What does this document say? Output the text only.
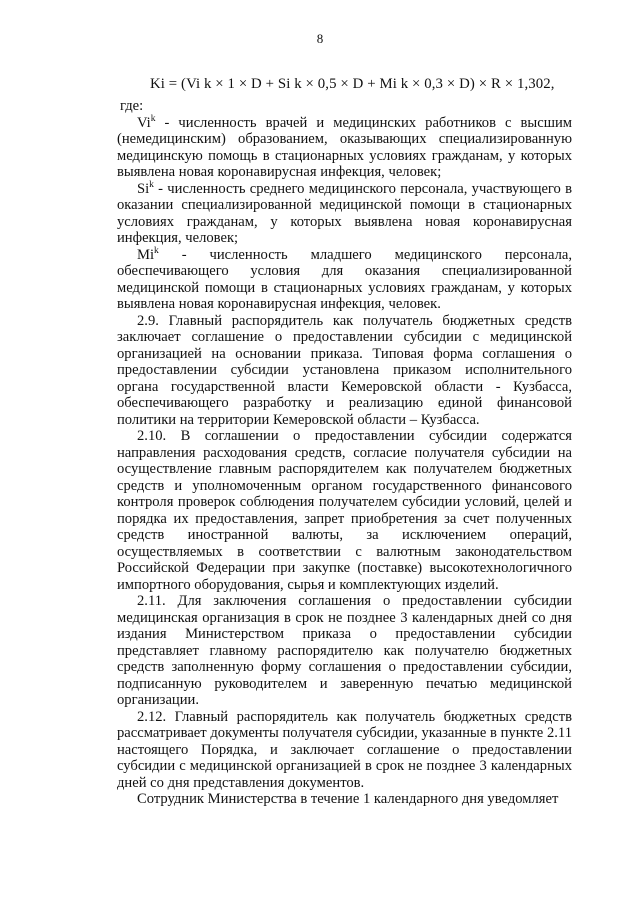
8
Ki = (Vi k × 1 × D + Si k × 0,5 × D + Mi k × 0,3 × D) × R × 1,302,

где:

Vi$^k$ - численность врачей и медицинских работников с высшим (немедицинским) образованием, оказывающих специализированную медицинскую помощь в стационарных условиях гражданам, у которых выявлена новая коронавирусная инфекция, человек;

Si$^k$ - численность среднего медицинского персонала, участвующего в оказании специализированной медицинской помощи в стационарных условиях гражданам, у которых выявлена новая коронавирусная инфекция, человек;

Mi$^k$ - численность младшего медицинского персонала, обеспечивающего условия для оказания специализированной медицинской помощи в стационарных условиях гражданам, у которых выявлена новая коронавирусная инфекция, человек.

2.9. Главный распорядитель как получатель бюджетных средств заключает соглашение о предоставлении субсидии с медицинской организацией на основании приказа. Типовая форма соглашения о предоставлении субсидии установлена приказом исполнительного органа государственной власти Кемеровской области - Кузбасса, обеспечивающего разработку и реализацию единой финансовой политики на территории Кемеровской области – Кузбасса.

2.10. В соглашении о предоставлении субсидии содержатся направления расходования средств, согласие получателя субсидии на осуществление главным распорядителем как получателем бюджетных средств и уполномоченным органом государственного финансового контроля проверок соблюдения получателем субсидии условий, целей и порядка их предоставления, запрет приобретения за счет полученных средств иностранной валюты, за исключением операций, осуществляемых в соответствии с валютным законодательством Российской Федерации при закупке (поставке) высокотехнологичного импортного оборудования, сырья и комплектующих изделий.

2.11. Для заключения соглашения о предоставлении субсидии медицинская организация в срок не позднее 3 календарных дней со дня издания Министерством приказа о предоставлении субсидии представляет главному распорядителю как получателю бюджетных средств заполненную форму соглашения о предоставлении субсидии, подписанную руководителем и заверенную печатью медицинской организации.

2.12. Главный распорядитель как получатель бюджетных средств рассматривает документы получателя субсидии, указанные в пункте 2.11 настоящего Порядка, и заключает соглашение о предоставлении субсидии с медицинской организацией в срок не позднее 3 календарных дней со дня представления документов.

Сотрудник Министерства в течение 1 календарного дня уведомляет
